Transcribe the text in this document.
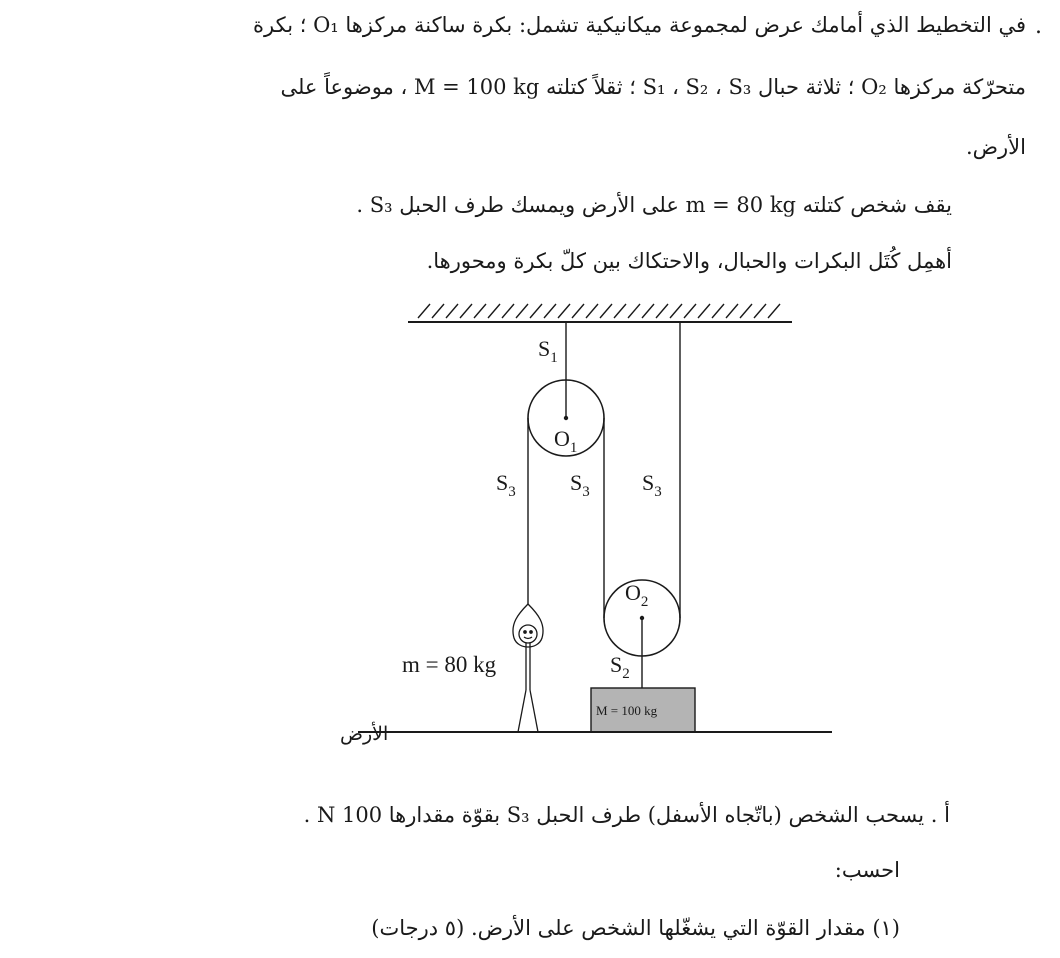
.
في التخطيط الذي أمامك عرض لمجموعة ميكانيكية تشمل: بكرة ساكنة مركزها O₁ ؛ بكرة
متحرّكة مركزها O₂ ؛ ثلاثة حبال S₁ ، S₂ ، S₃ ؛ ثقلاً كتلته M = 100 kg ، موضوعاً على
الأرض.
يقف شخص كتلته m = 80 kg على الأرض ويمسك طرف الحبل S₃ .
أهمِل كُتَل البكرات والحبال، والاحتكاك بين كلّ بكرة ومحورها.
$S_1$
$O_1$
$S_3$ $S_3$ $S_3$
$O_2$
$S_2$
M = 100 kg
m = 80 kg
الأرض
أ . يسحب الشخص (باتّجاه الأسفل) طرف الحبل S₃ بقوّة مقدارها 100 N .
احسب:
(١) مقدار القوّة التي يشغّلها الشخص على الأرض. (٥ درجات)
